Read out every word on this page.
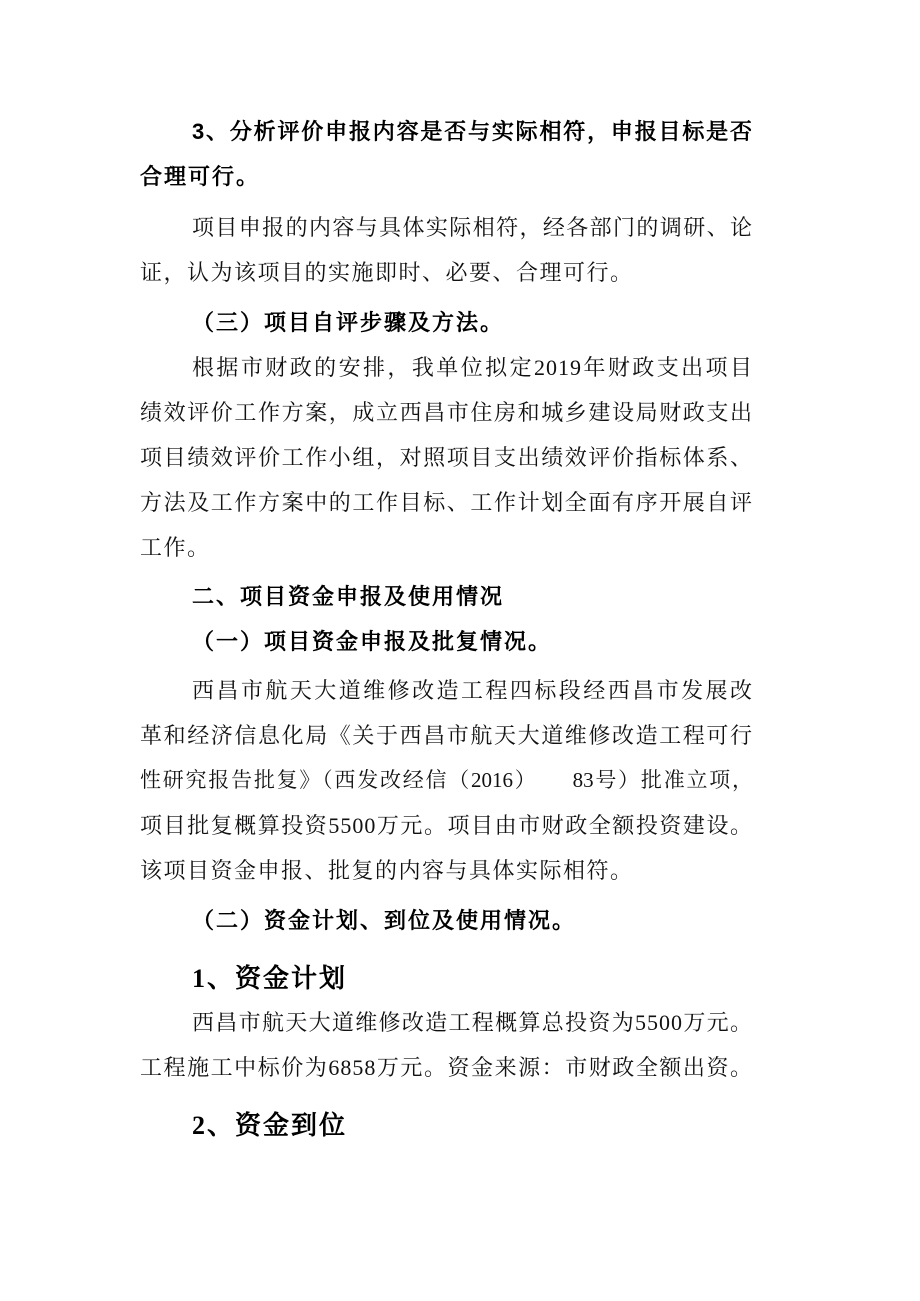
3、分析评价申报内容是否与实际相符，申报目标是否
合理可行。
项目申报的内容与具体实际相符，经各部门的调研、论
证，认为该项目的实施即时、必要、合理可行。
（三）项目自评步骤及方法。
根据市财政的安排，我单位拟定2019年财政支出项目
绩效评价工作方案，成立西昌市住房和城乡建设局财政支出
项目绩效评价工作小组，对照项目支出绩效评价指标体系、
方法及工作方案中的工作目标、工作计划全面有序开展自评
工作。
二、项目资金申报及使用情况
（一）项目资金申报及批复情况。
西昌市航天大道维修改造工程四标段经西昌市发展改
革和经济信息化局《关于西昌市航天大道维修改造工程可行
性研究报告批复》（西发改经信（2016）　　83号）批准立项，
项目批复概算投资5500万元。项目由市财政全额投资建设。
该项目资金申报、批复的内容与具体实际相符。
（二）资金计划、到位及使用情况。
1、资金计划
西昌市航天大道维修改造工程概算总投资为5500万元。
工程施工中标价为6858万元。资金来源：市财政全额出资。
2、资金到位
